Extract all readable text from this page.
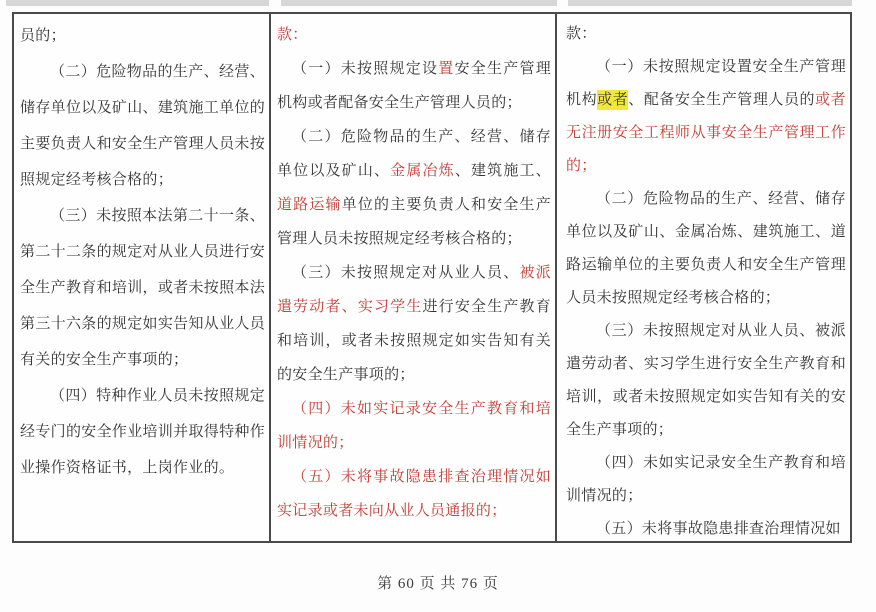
员的；

（二）危险物品的生产、经营、储存单位以及矿山、建筑施工单位的主要负责人和安全生产管理人员未按照规定经考核合格的；

（三）未按照本法第二十一条、第二十二条的规定对从业人员进行安全生产教育和培训，或者未按照本法第三十六条的规定如实告知从业人员有关的安全生产事项的；

（四）特种作业人员未按照规定经专门的安全作业培训并取得特种作业操作资格证书，上岗作业的。

款：

（一）未按照规定设置安全生产管理机构或者配备安全生产管理人员的；

（二）危险物品的生产、经营、储存单位以及矿山、金属冶炼、建筑施工、道路运输单位的主要负责人和安全生产管理人员未按照规定经考核合格的；

（三）未按照规定对从业人员、被派遣劳动者、实习学生进行安全生产教育和培训，或者未按照规定如实告知有关的安全生产事项的；

（四）未如实记录安全生产教育和培训情况的；

（五）未将事故隐患排查治理情况如实记录或者未向从业人员通报的；

款：

（一）未按照规定设置安全生产管理机构或者、配备安全生产管理人员的或者无注册安全工程师从事安全生产管理工作的；

（二）危险物品的生产、经营、储存单位以及矿山、金属冶炼、建筑施工、道路运输单位的主要负责人和安全生产管理人员未按照规定经考核合格的；

（三）未按照规定对从业人员、被派遣劳动者、实习学生进行安全生产教育和培训，或者未按照规定如实告知有关的安全生产事项的；

（四）未如实记录安全生产教育和培训情况的；

（五）未将事故隐患排查治理情况如

第 60 页 共 76 页
